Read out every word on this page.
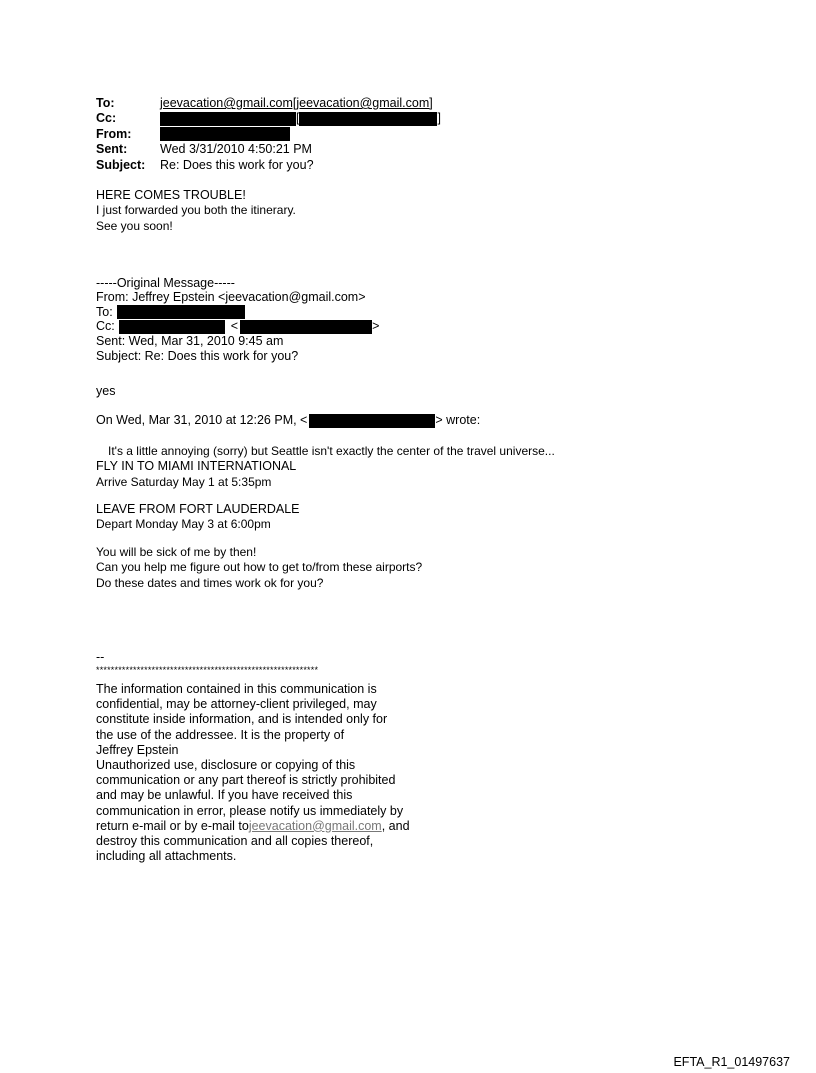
To:	jeevacation@gmail.com[jeevacation@gmail.com]
Cc:	[	]
From:
Sent:	Wed 3/31/2010 4:50:21 PM
Subject:	Re: Does this work for you?
HERE COMES TROUBLE!
I just forwarded you both the itinerary.
See you soon!
-----Original Message-----
From: Jeffrey Epstein <jeevacation@gmail.com>
To:
Cc:	<	>
Sent: Wed, Mar 31, 2010 9:45 am
Subject: Re: Does this work for you?
yes
On Wed, Mar 31, 2010 at 12:26 PM, <	> wrote:
It's a little annoying (sorry) but Seattle isn't exactly the center of the travel universe...
FLY IN TO MIAMI INTERNATIONAL
Arrive Saturday May 1 at 5:35pm
LEAVE FROM FORT LAUDERDALE
Depart Monday May 3 at 6:00pm
You will be sick of me by then!
Can you help me figure out how to get to/from these airports?
Do these dates and times work ok for you?
--
************************************************************
The information contained in this communication is
confidential, may be attorney-client privileged, may
constitute inside information, and is intended only for
the use of the addressee. It is the property of
Jeffrey Epstein
Unauthorized use, disclosure or copying of this
communication or any part thereof is strictly prohibited
and may be unlawful. If you have received this
communication in error, please notify us immediately by
return e-mail or by e-mail to jeevacation@gmail.com , and
destroy this communication and all copies thereof,
including all attachments.
EFTA_R1_01497637
